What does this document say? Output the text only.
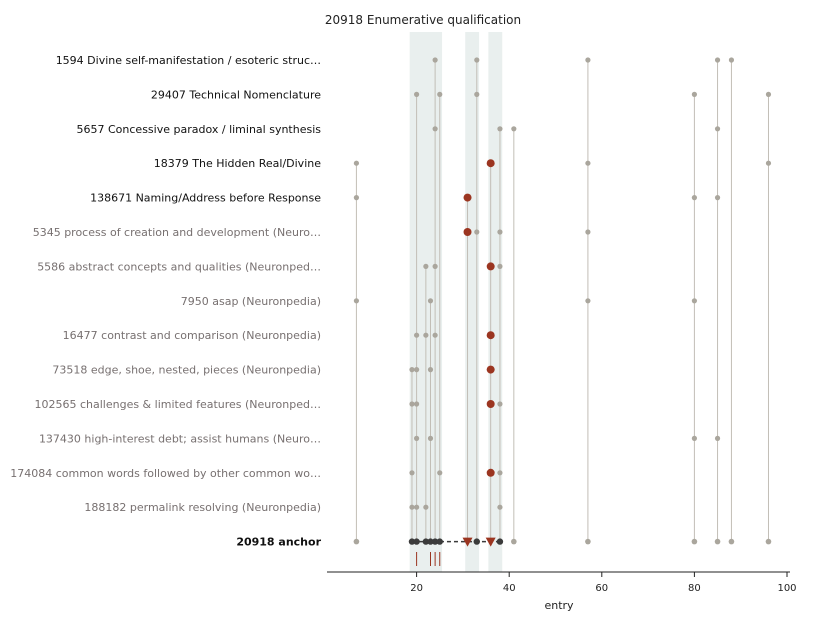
1594 Divine self-manifestation / esoteric struc…
29407 Technical Nomenclature
5657 Concessive paradox / liminal synthesis
18379 The Hidden Real/Divine
138671 Naming/Address before Response
5345 process of creation and development (Neuro…
5586 abstract concepts and qualities (Neuronped…
7950 asap (Neuronpedia)
16477 contrast and comparison (Neuronpedia)
73518 edge, shoe, nested, pieces (Neuronpedia)
102565 challenges & limited features (Neuronped…
137430 high-interest debt; assist humans (Neuro…
174084 common words followed by other common wo…
188182 permalink resolving (Neuronpedia)
20918 anchor
20	40	60	80	100
20918 Enumerative qualification
entry
